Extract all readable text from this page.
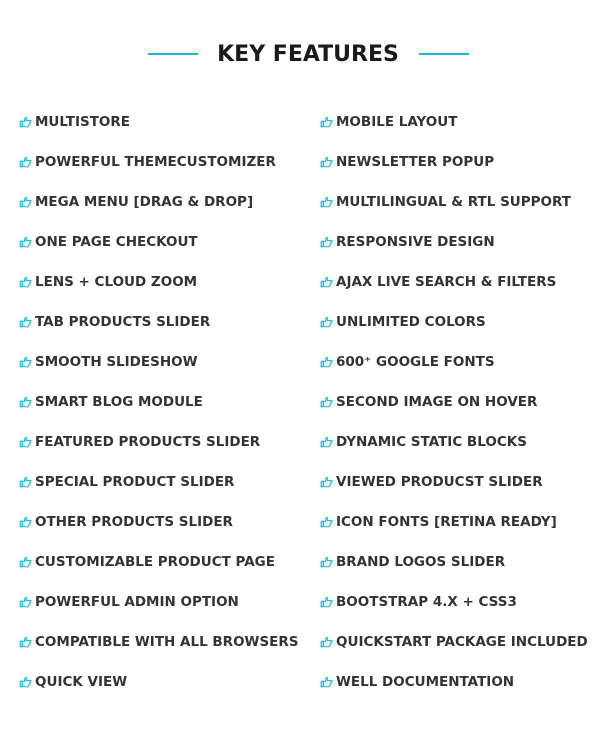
KEY FEATURES
MULTISTORE
POWERFUL THEMECUSTOMIZER
MEGA MENU [DRAG & DROP]
ONE PAGE CHECKOUT
LENS + CLOUD ZOOM
TAB PRODUCTS SLIDER
SMOOTH SLIDESHOW
SMART BLOG MODULE
FEATURED PRODUCTS SLIDER
SPECIAL PRODUCT SLIDER
OTHER PRODUCTS SLIDER
CUSTOMIZABLE PRODUCT PAGE
POWERFUL ADMIN OPTION
COMPATIBLE WITH ALL BROWSERS
QUICK VIEW
MOBILE LAYOUT
NEWSLETTER POPUP
MULTILINGUAL & RTL SUPPORT
RESPONSIVE DESIGN
AJAX LIVE SEARCH & FILTERS
UNLIMITED COLORS
600⁺ GOOGLE FONTS
SECOND IMAGE ON HOVER
DYNAMIC STATIC BLOCKS
VIEWED PRODUCST SLIDER
ICON FONTS [RETINA READY]
BRAND LOGOS SLIDER
BOOTSTRAP 4.X + CSS3
QUICKSTART PACKAGE INCLUDED
WELL DOCUMENTATION
